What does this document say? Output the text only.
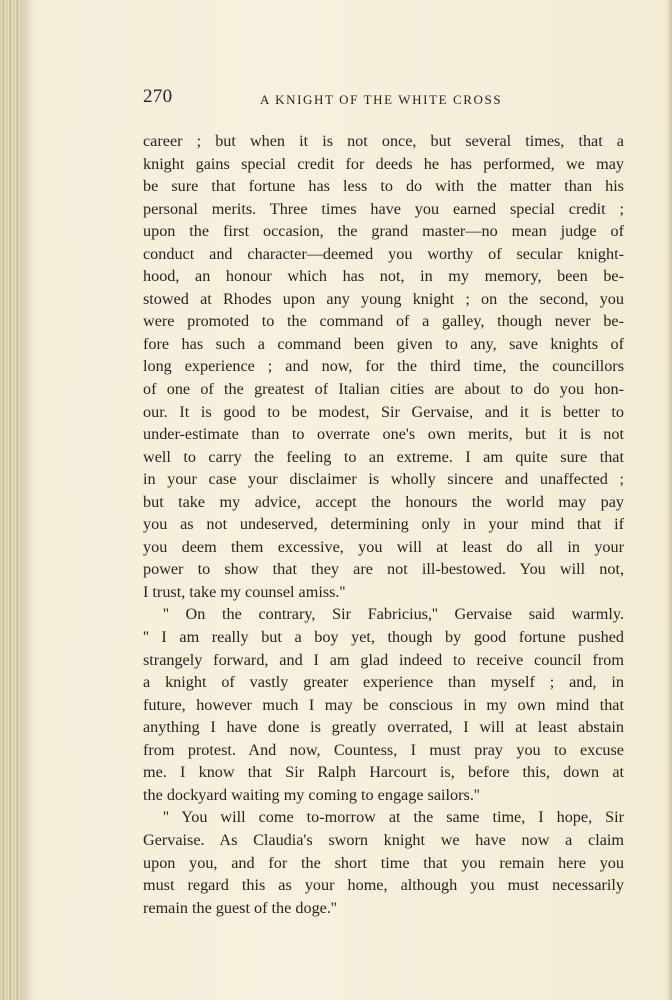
270	A KNIGHT OF THE WHITE CROSS
career ; but when it is not once, but several times, that a
knight gains special credit for deeds he has performed, we may
be sure that fortune has less to do with the matter than his
personal merits. Three times have you earned special credit ;
upon the first occasion, the grand master—no mean judge of
conduct and character—deemed you worthy of secular knight-
hood, an honour which has not, in my memory, been be-
stowed at Rhodes upon any young knight ; on the second, you
were promoted to the command of a galley, though never be-
fore has such a command been given to any, save knights of
long experience ; and now, for the third time, the councillors
of one of the greatest of Italian cities are about to do you hon-
our. It is good to be modest, Sir Gervaise, and it is better to
under-estimate than to overrate one's own merits, but it is not
well to carry the feeling to an extreme. I am quite sure that
in your case your disclaimer is wholly sincere and unaffected ;
but take my advice, accept the honours the world may pay
you as not undeserved, determining only in your mind that if
you deem them excessive, you will at least do all in your
power to show that they are not ill-bestowed. You will not,
I trust, take my counsel amiss.''
'' On the contrary, Sir Fabricius,'' Gervaise said warmly.
'' I am really but a boy yet, though by good fortune pushed
strangely forward, and I am glad indeed to receive council from
a knight of vastly greater experience than myself ; and, in
future, however much I may be conscious in my own mind that
anything I have done is greatly overrated, I will at least abstain
from protest. And now, Countess, I must pray you to excuse
me. I know that Sir Ralph Harcourt is, before this, down at
the dockyard waiting my coming to engage sailors.''
'' You will come to-morrow at the same time, I hope, Sir
Gervaise. As Claudia's sworn knight we have now a claim
upon you, and for the short time that you remain here you
must regard this as your home, although you must necessarily
remain the guest of the doge.''
